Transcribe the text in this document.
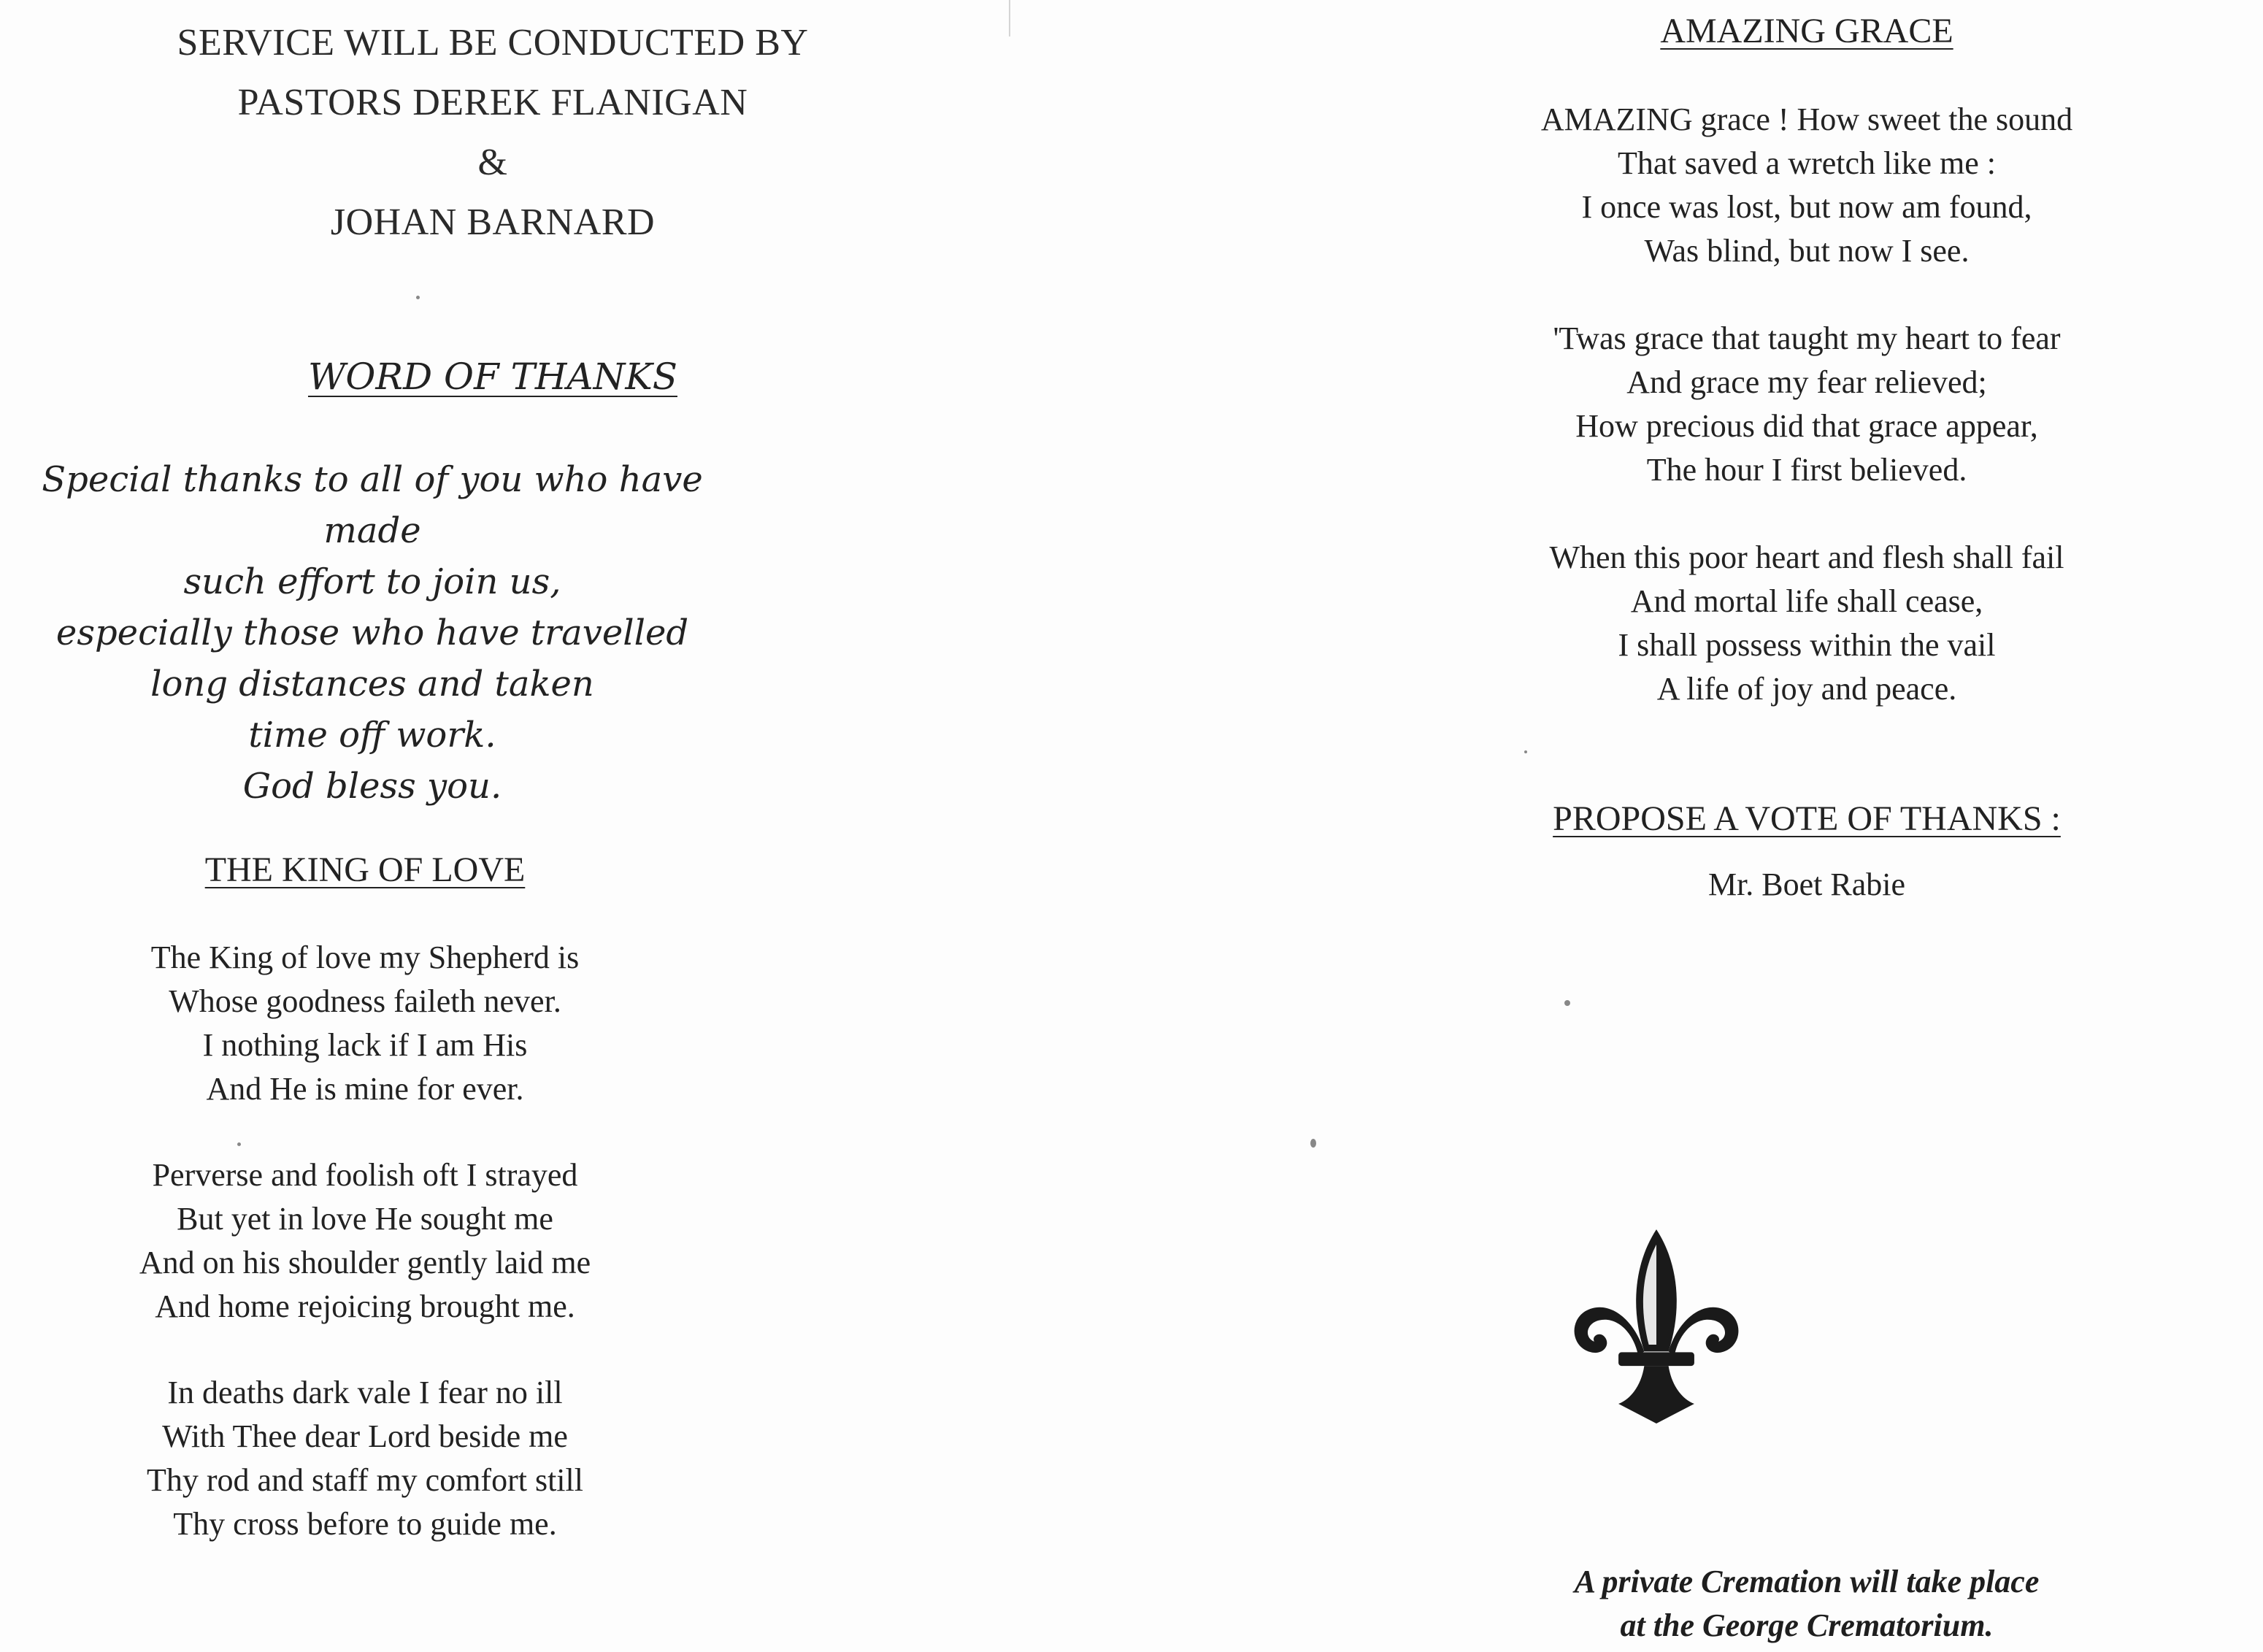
SERVICE WILL BE CONDUCTED BY
PASTORS DEREK FLANIGAN
&
JOHAN BARNARD
WORD OF THANKS
Special thanks to all of you who have made
such effort to join us,
especially those who have travelled
long distances and taken
time off work.
God bless you.
THE KING OF LOVE
The King of love my Shepherd is
Whose goodness faileth never.
I nothing lack if I am His
And He is mine for ever.
Perverse and foolish oft I strayed
But yet in love He sought me
And on his shoulder gently laid me
And home rejoicing brought me.
In deaths dark vale I fear no ill
With Thee dear Lord beside me
Thy rod and staff my comfort still
Thy cross before to guide me.
AMAZING GRACE
AMAZING grace ! How sweet the sound
That saved a wretch like me :
I once was lost, but now am found,
Was blind, but now I see.
'Twas grace that taught my heart to fear
And grace my fear relieved;
How precious did that grace appear,
The hour I first believed.
When this poor heart and flesh shall fail
And mortal life shall cease,
I shall possess within the vail
A life of joy and peace.
PROPOSE A VOTE OF THANKS :
Mr. Boet Rabie
A private Cremation will take place
at the George Crematorium.
